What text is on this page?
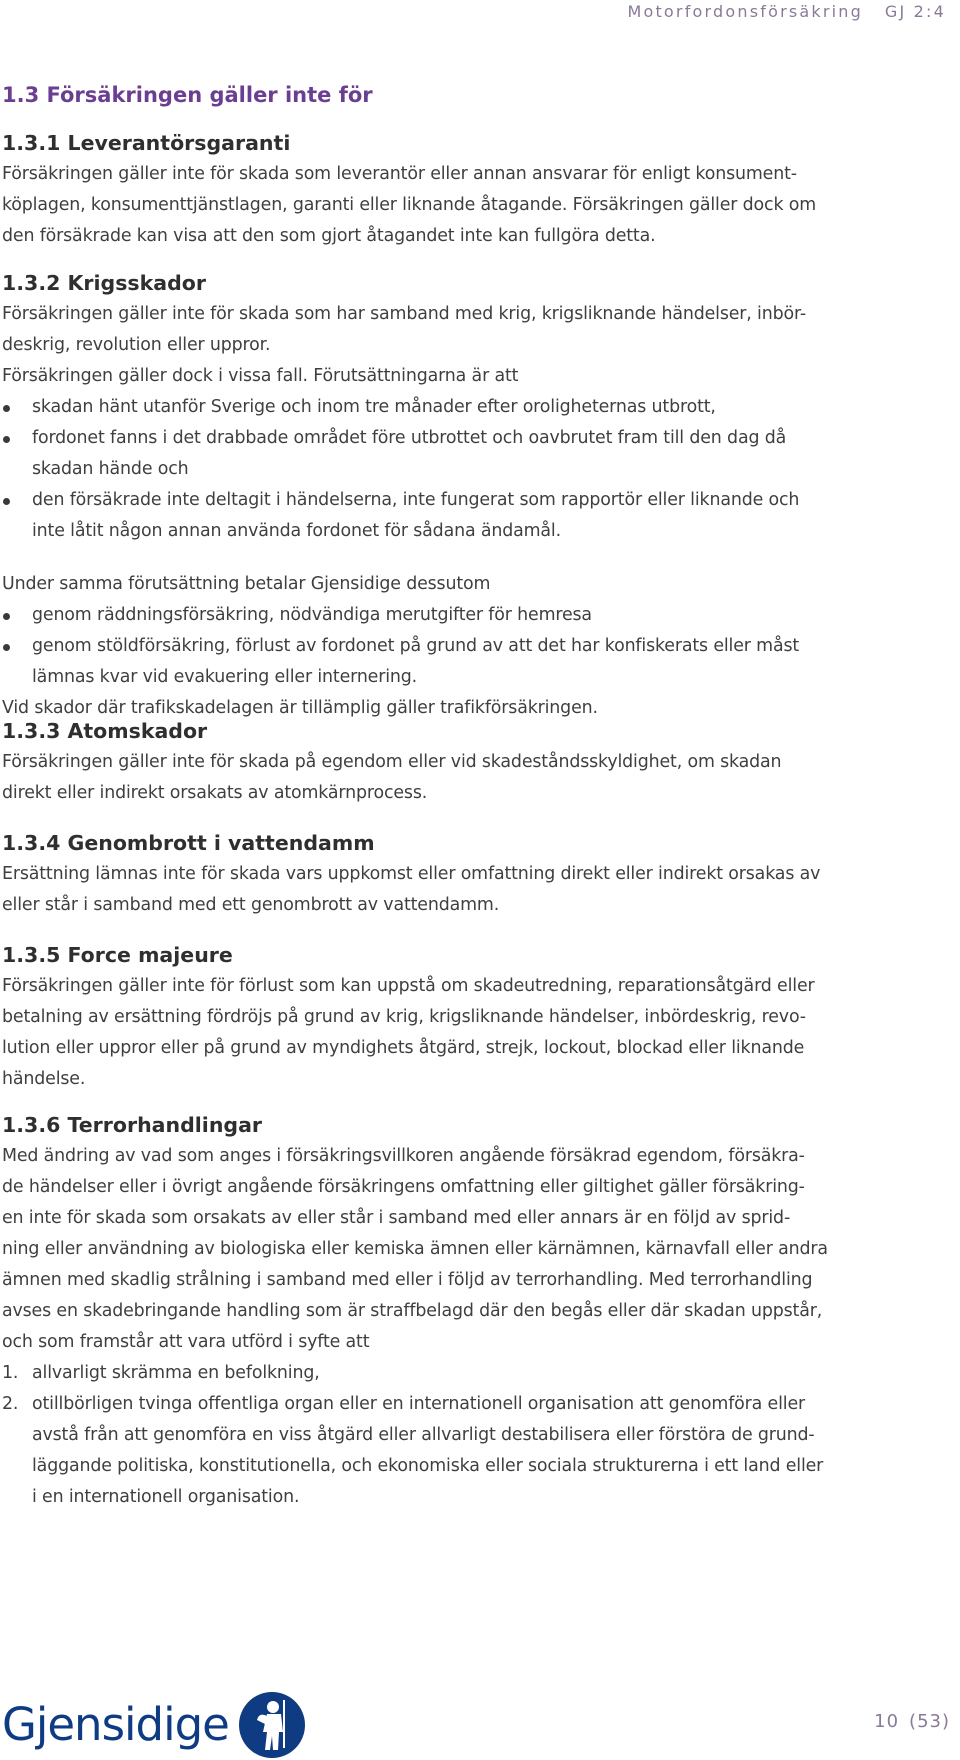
Motorfordonsförsäkring GJ 2:4
1.3 Försäkringen gäller inte för
1.3.1 Leverantörsgaranti

Försäkringen gäller inte för skada som leverantör eller annan ansvarar för enligt konsument-

köplagen, konsumenttjänstlagen, garanti eller liknande åtagande. Försäkringen gäller dock om

den försäkrade kan visa att den som gjort åtagandet inte kan fullgöra detta.

1.3.2 Krigsskador

Försäkringen gäller inte för skada som har samband med krig, krigsliknande händelser, inbör-

deskrig, revolution eller uppror.

Försäkringen gäller dock i vissa fall. Förutsättningarna är att

skadan hänt utanför Sverige och inom tre månader efter oroligheternas utbrott,
fordonet fanns i det drabbade området före utbrottet och oavbrutet fram till den dag då
skadan hände och
den försäkrade inte deltagit i händelserna, inte fungerat som rapportör eller liknande och
inte låtit någon annan använda fordonet för sådana ändamål.

Under samma förutsättning betalar Gjensidige dessutom

genom räddningsförsäkring, nödvändiga merutgifter för hemresa
genom stöldförsäkring, förlust av fordonet på grund av att det har konfiskerats eller måst
lämnas kvar vid evakuering eller internering.

Vid skador där trafikskadelagen är tillämplig gäller trafikförsäkringen.

1.3.3 Atomskador

Försäkringen gäller inte för skada på egendom eller vid skadeståndsskyldighet, om skadan

direkt eller indirekt orsakats av atomkärnprocess.

1.3.4 Genombrott i vattendamm

Ersättning lämnas inte för skada vars uppkomst eller omfattning direkt eller indirekt orsakas av

eller står i samband med ett genombrott av vattendamm.

1.3.5 Force majeure

Försäkringen gäller inte för förlust som kan uppstå om skadeutredning, reparationsåtgärd eller

betalning av ersättning fördröjs på grund av krig, krigsliknande händelser, inbördeskrig, revo-

lution eller uppror eller på grund av myndighets åtgärd, strejk, lockout, blockad eller liknande

händelse.

1.3.6 Terrorhandlingar

Med ändring av vad som anges i försäkringsvillkoren angående försäkrad egendom, försäkra-

de händelser eller i övrigt angående försäkringens omfattning eller giltighet gäller försäkring-

en inte för skada som orsakats av eller står i samband med eller annars är en följd av sprid-

ning eller användning av biologiska eller kemiska ämnen eller kärnämnen, kärnavfall eller andra

ämnen med skadlig strålning i samband med eller i följd av terrorhandling. Med terrorhandling

avses en skadebringande handling som är straffbelagd där den begås eller där skadan uppstår,

och som framstår att vara utförd i syfte att

1. allvarligt skrämma en befolkning,
2. otillbörligen tvinga offentliga organ eller en internationell organisation att genomföra eller
avstå från att genomföra en viss åtgärd eller allvarligt destabilisera eller förstöra de grund-
läggande politiska, konstitutionella, och ekonomiska eller sociala strukturerna i ett land eller
i en internationell organisation.
Gjensidige	10 (53)
